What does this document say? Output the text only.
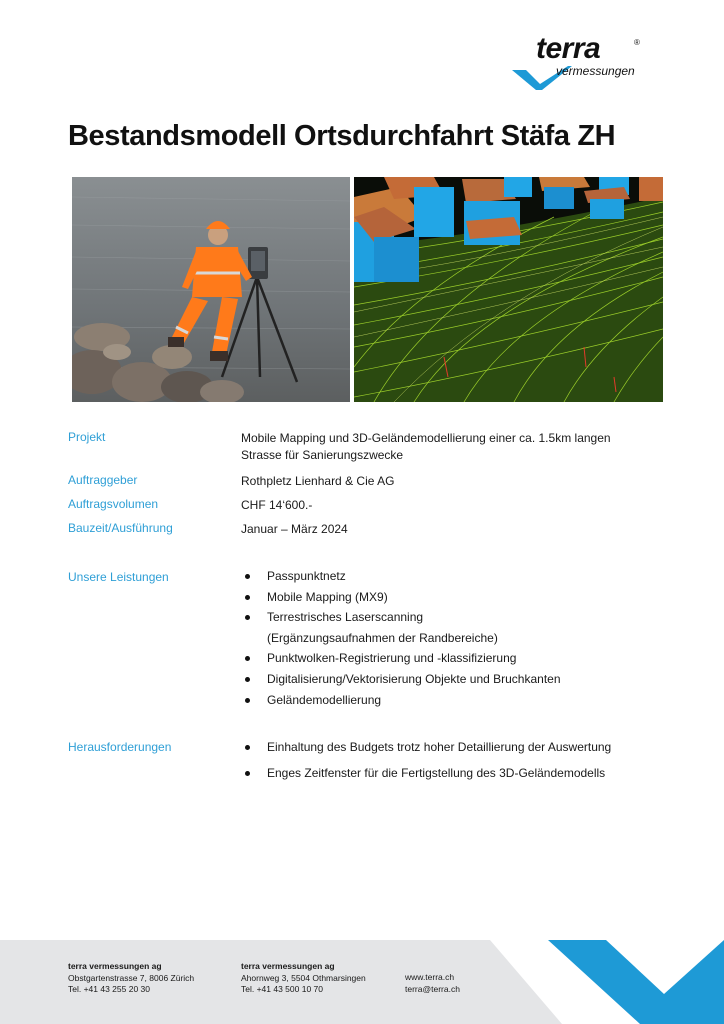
terra	®
vermessungen
Bestandsmodell Ortsdurchfahrt Stäfa ZH
Projekt	Mobile Mapping und 3D-Geländemodellierung einer ca. 1.5km langen
Strasse für Sanierungszwecke
Auftraggeber	Rothpletz Lienhard & Cie AG
Auftragsvolumen	CHF 14‘600.-
Bauzeit/Ausführung	Januar – März 2024
Unsere Leistungen	Passpunktnetz
Mobile Mapping (MX9)
Terrestrisches Laserscanning
(Ergänzungsaufnahmen der Randbereiche)
Punktwolken-Registrierung und -klassifizierung
Digitalisierung/Vektorisierung Objekte und Bruchkanten
Geländemodellierung
Herausforderungen	Einhaltung des Budgets trotz hoher Detaillierung der Auswertung
Enges Zeitfenster für die Fertigstellung des 3D-Geländemodells
terra vermessungen ag
Obstgartenstrasse 7, 8006 Zürich
Tel. +41 43 255 20 30
terra vermessungen ag
Ahornweg 3, 5504 Othmarsingen
Tel. +41 43 500 10 70
www.terra.ch
terra@terra.ch
